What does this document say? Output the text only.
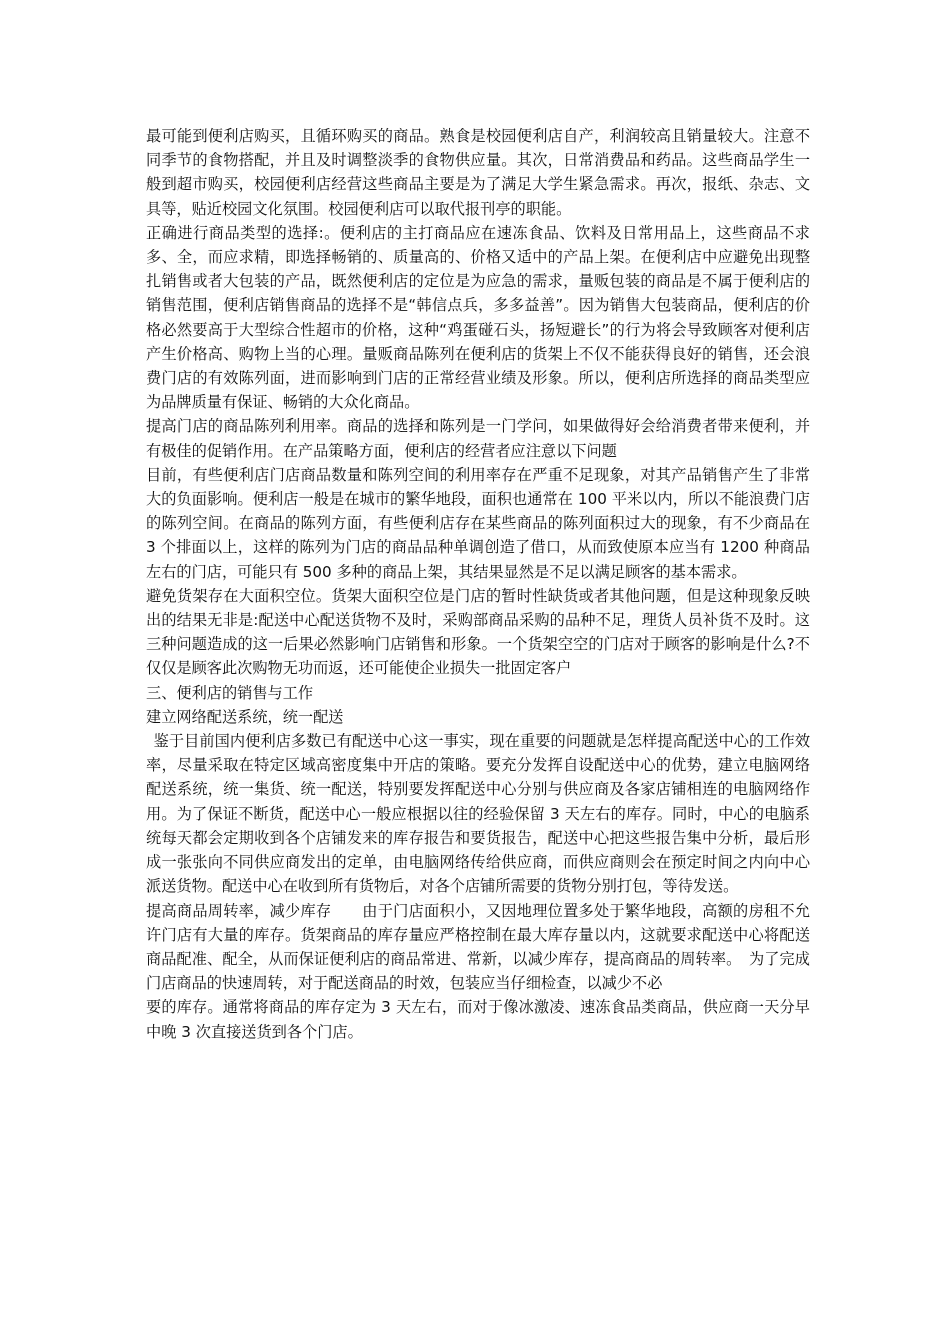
最可能到便利店购买，且循环购买的商品。熟食是校园便利店自产，利润较高且销量较大。注意不同季节的食物搭配，并且及时调整淡季的食物供应量。其次，日常消费品和药品。这些商品学生一般到超市购买，校园便利店经营这些商品主要是为了满足大学生紧急需求。再次，报纸、杂志、文具等，贴近校园文化氛围。校园便利店可以取代报刊亭的职能。

正确进行商品类型的选择:。便利店的主打商品应在速冻食品、饮料及日常用品上，这些商品不求多、全，而应求精，即选择畅销的、质量高的、价格又适中的产品上架。在便利店中应避免出现整扎销售或者大包装的产品，既然便利店的定位是为应急的需求，量贩包装的商品是不属于便利店的销售范围，便利店销售商品的选择不是“韩信点兵，多多益善”。因为销售大包装商品，便利店的价格必然要高于大型综合性超市的价格，这种“鸡蛋碰石头，扬短避长”的行为将会导致顾客对便利店产生价格高、购物上当的心理。量贩商品陈列在便利店的货架上不仅不能获得良好的销售，还会浪费门店的有效陈列面，进而影响到门店的正常经营业绩及形象。所以，便利店所选择的商品类型应为品牌质量有保证、畅销的大众化商品。

提高门店的商品陈列利用率。商品的选择和陈列是一门学问，如果做得好会给消费者带来便利，并有极佳的促销作用。在产品策略方面，便利店的经营者应注意以下问题

目前，有些便利店门店商品数量和陈列空间的利用率存在严重不足现象，对其产品销售产生了非常大的负面影响。便利店一般是在城市的繁华地段，面积也通常在 100 平米以内，所以不能浪费门店的陈列空间。在商品的陈列方面，有些便利店存在某些商品的陈列面积过大的现象，有不少商品在 3 个排面以上，这样的陈列为门店的商品品种单调创造了借口，从而致使原本应当有 1200 种商品左右的门店，可能只有 500 多种的商品上架，其结果显然是不足以满足顾客的基本需求。

避免货架存在大面积空位。货架大面积空位是门店的暂时性缺货或者其他问题，但是这种现象反映出的结果无非是:配送中心配送货物不及时，采购部商品采购的品种不足，理货人员补货不及时。这三种问题造成的这一后果必然影响门店销售和形象。一个货架空空的门店对于顾客的影响是什么?不仅仅是顾客此次购物无功而返，还可能使企业损失一批固定客户

三、便利店的销售与工作

建立网络配送系统，统一配送

鉴于目前国内便利店多数已有配送中心这一事实，现在重要的问题就是怎样提高配送中心的工作效率，尽量采取在特定区域高密度集中开店的策略。要充分发挥自设配送中心的优势，建立电脑网络配送系统，统一集货、统一配送，特别要发挥配送中心分别与供应商及各家店铺相连的电脑网络作用。为了保证不断货，配送中心一般应根据以往的经验保留 3 天左右的库存。同时，中心的电脑系统每天都会定期收到各个店铺发来的库存报告和要货报告，配送中心把这些报告集中分析，最后形成一张张向不同供应商发出的定单，由电脑网络传给供应商，而供应商则会在预定时间之内向中心派送货物。配送中心在收到所有货物后，对各个店铺所需要的货物分别打包，等待发送。

提高商品周转率，减少库存　　由于门店面积小，又因地理位置多处于繁华地段，高额的房租不允许门店有大量的库存。货架商品的库存量应严格控制在最大库存量以内，这就要求配送中心将配送商品配准、配全，从而保证便利店的商品常进、常新，以减少库存，提高商品的周转率。　为了完成门店商品的快速周转，对于配送商品的时效，包装应当仔细检查，以减少不必

要的库存。通常将商品的库存定为 3 天左右，而对于像冰激凌、速冻食品类商品，供应商一天分早中晚 3 次直接送货到各个门店。
